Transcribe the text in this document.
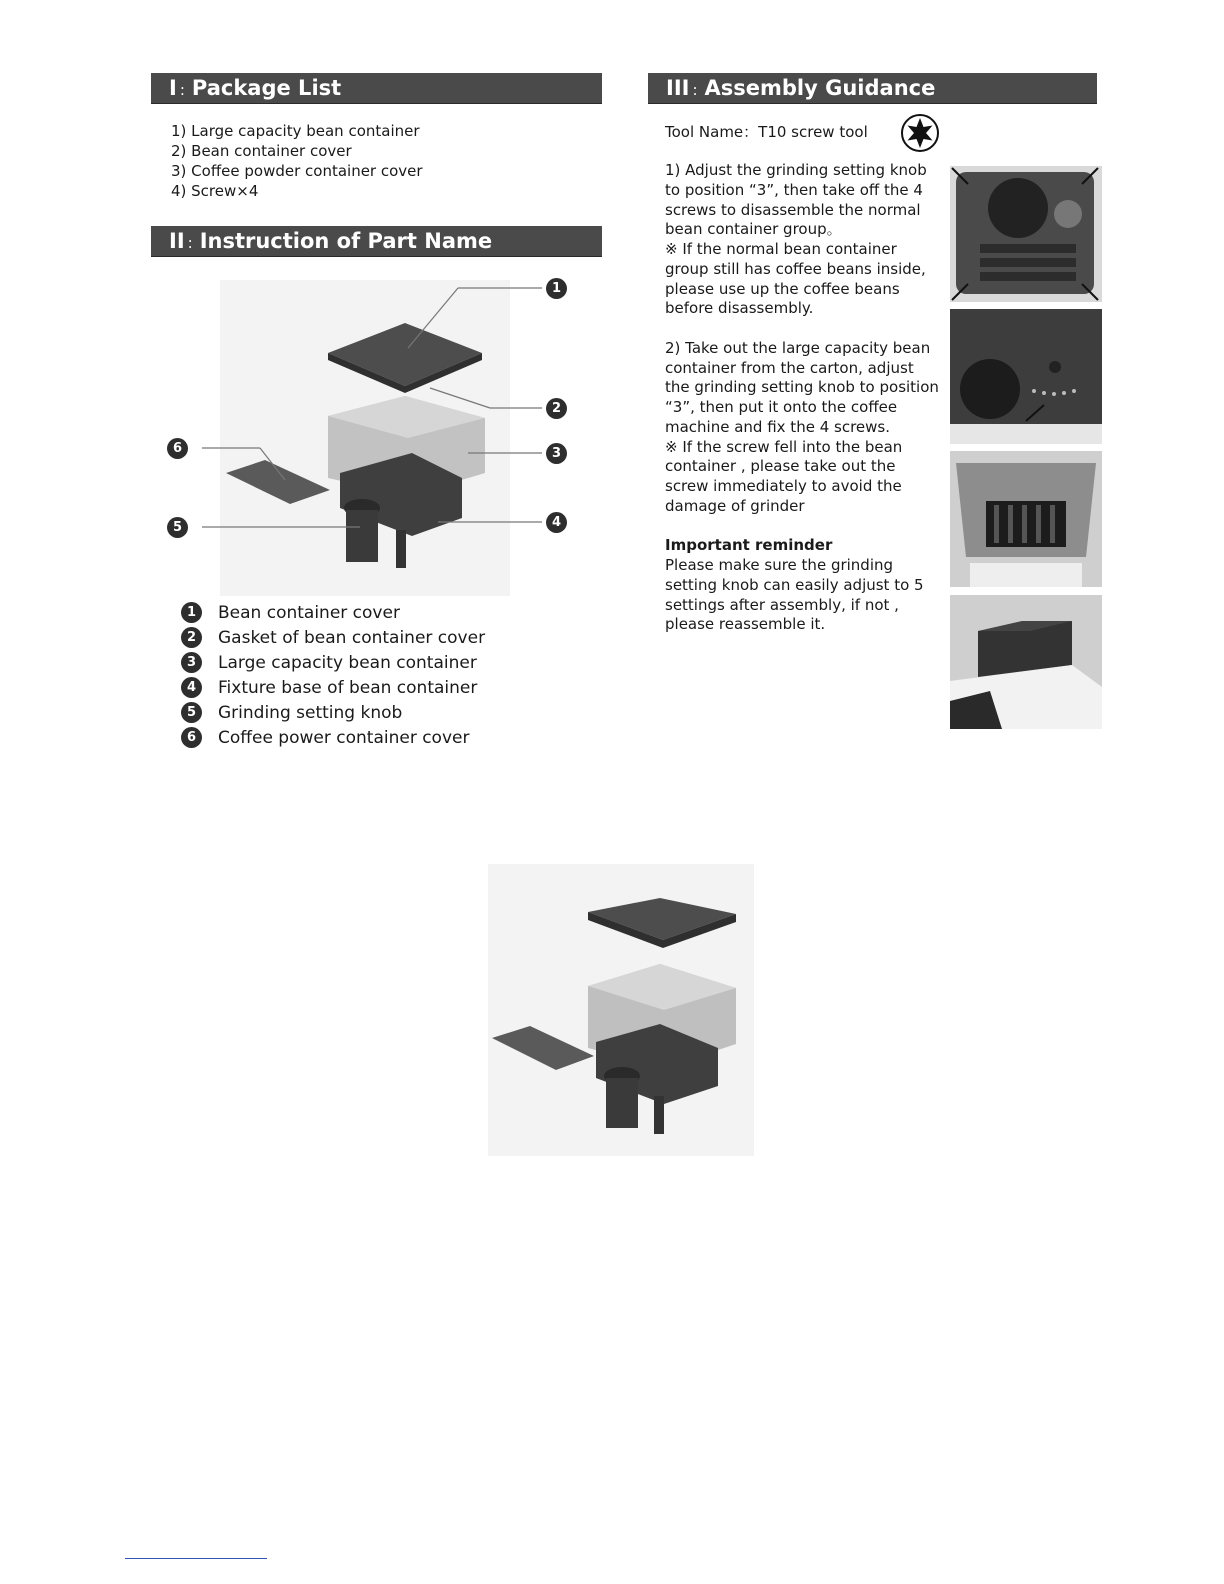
I : Package List
1) Large capacity bean container
2) Bean container cover
3) Coffee powder container cover
4) Screw×4
II : Instruction of Part Name
1
2
3
4
5
6
1	Bean container cover
2	Gasket of bean container cover
3	Large capacity bean container
4	Fixture base of bean container
5	Grinding setting knob
6	Coffee power container cover
III : Assembly Guidance
Tool Name：T10 screw tool

1) Adjust the grinding setting knob to position “3”, then take off the 4 screws to disassemble the normal bean container group。

※ If the normal bean container group still has coffee beans inside, please use up the coffee beans before disassembly.

2) Take out the large capacity bean container from the carton, adjust the grinding setting knob to position “3”, then put it onto the coffee machine and fix the 4 screws.

※ If the screw fell into the bean container , please take out the screw immediately to avoid the damage of grinder

Important reminder

Please make sure the grinding setting knob can easily adjust to 5 settings after assembly, if not , please reassemble it.
